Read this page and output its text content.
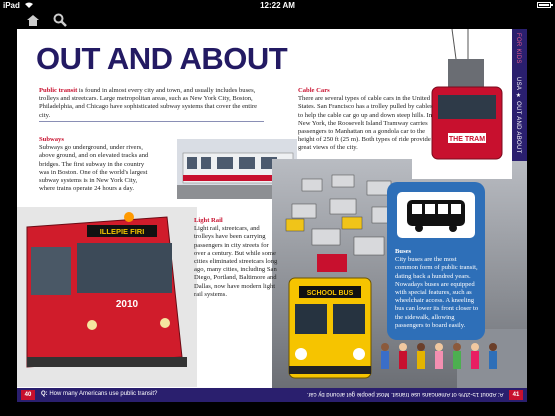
iPad	12:22 AM
THE TRAM
ILLEPIE FIRI
2010
SCHOOL BUS
OUT AND ABOUT
Public transit is found in almost every city and town, and usually includes buses, trolleys and streetcars. Large metropolitan areas, such as New York City, Boston, Philadelphia, and Chicago have sophisticated subway systems that cover the entire city.
Subways
Subways go underground, under rivers, above ground, and on elevated tracks and bridges. The first subway in the country was in Boston. One of the world's largest subway systems is in New York City, where trains operate 24 hours a day.
Cable Cars
There are several types of cable cars in the United States. San Francisco has a trolley pulled by cables to help the cable car go up and down steep hills. In New York, the Roosevelt Island Tramway carries passengers to Manhattan on a gondola car to the height of 250 ft (25 m). Both types of ride provide great views of the city.
Light Rail
Light rail, streetcars, and trolleys have been carrying passengers in city streets for over a century. But while some cities eliminated streetcars long ago, many cities, including San Diego, Portland, Baltimore and Dallas, now have modern light rail systems.
Buses
City buses are the most common form of public transit, dating back a hundred years. Nowadays buses are equipped with special features, such as wheelchair access. A kneeling bus can lower its front closer to the sidewalk, allowing passengers to board easily.
FOR KIDS
USA ★ OUT AND ABOUT
40	Q: How many Americans use public transit?	A: About 15-20% of Americans use transit. Most people get around by car.	41
